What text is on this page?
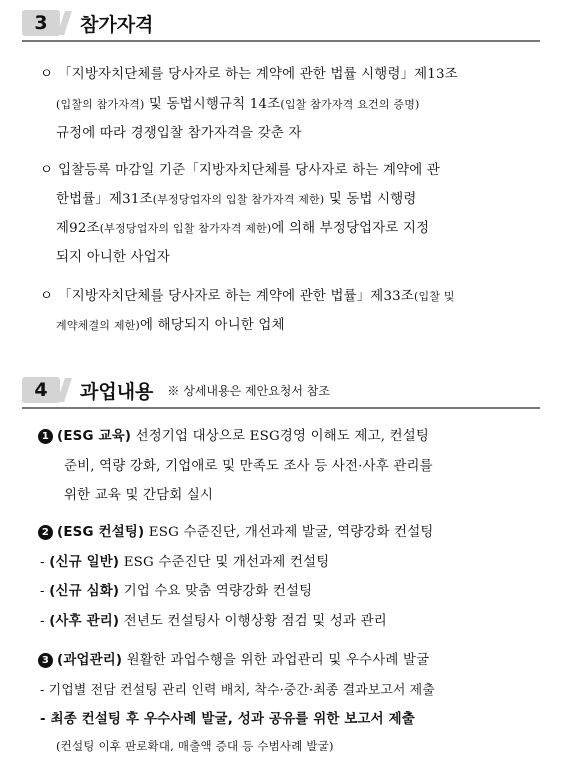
3 참가자격
ㅇ 「지방자치단체를 당사자로 하는 계약에 관한 법률 시행령」제13조
(입찰의 참가자격) 및 동법시행규칙 14조(입찰 참가자격 요건의 증명)
규정에 따라 경쟁입찰 참가자격을 갖춘 자
ㅇ 입찰등록 마감일 기준「지방자치단체를 당사자로 하는 계약에 관
한법률」제31조(부정당업자의 입찰 참가자격 제한) 및 동법 시행령
제92조(부정당업자의 입찰 참가자격 제한)에 의해 부정당업자로 지정
되지 아니한 사업자
ㅇ 「지방자치단체를 당사자로 하는 계약에 관한 법률」제33조(입찰 및
계약체결의 제한)에 해당되지 아니한 업체
4 과업내용 ※ 상세내용은 제안요청서 참조
1 (ESG 교육) 선정기업 대상으로 ESG경영 이해도 제고, 컨설팅
준비, 역량 강화, 기업애로 및 만족도 조사 등 사전·사후 관리를
위한 교육 및 간담회 실시
2 (ESG 컨설팅) ESG 수준진단, 개선과제 발굴, 역량강화 컨설팅
- (신규 일반) ESG 수준진단 및 개선과제 컨설팅
- (신규 심화) 기업 수요 맞춤 역량강화 컨설팅
- (사후 관리) 전년도 컨설팅사 이행상황 점검 및 성과 관리
3 (과업관리) 원활한 과업수행을 위한 과업관리 및 우수사례 발굴
- 기업별 전담 컨설팅 관리 인력 배치, 착수·중간·최종 결과보고서 제출
- 최종 컨설팅 후 우수사례 발굴, 성과 공유를 위한 보고서 제출
(컨설팅 이후 판로확대, 매출액 증대 등 수범사례 발굴)
